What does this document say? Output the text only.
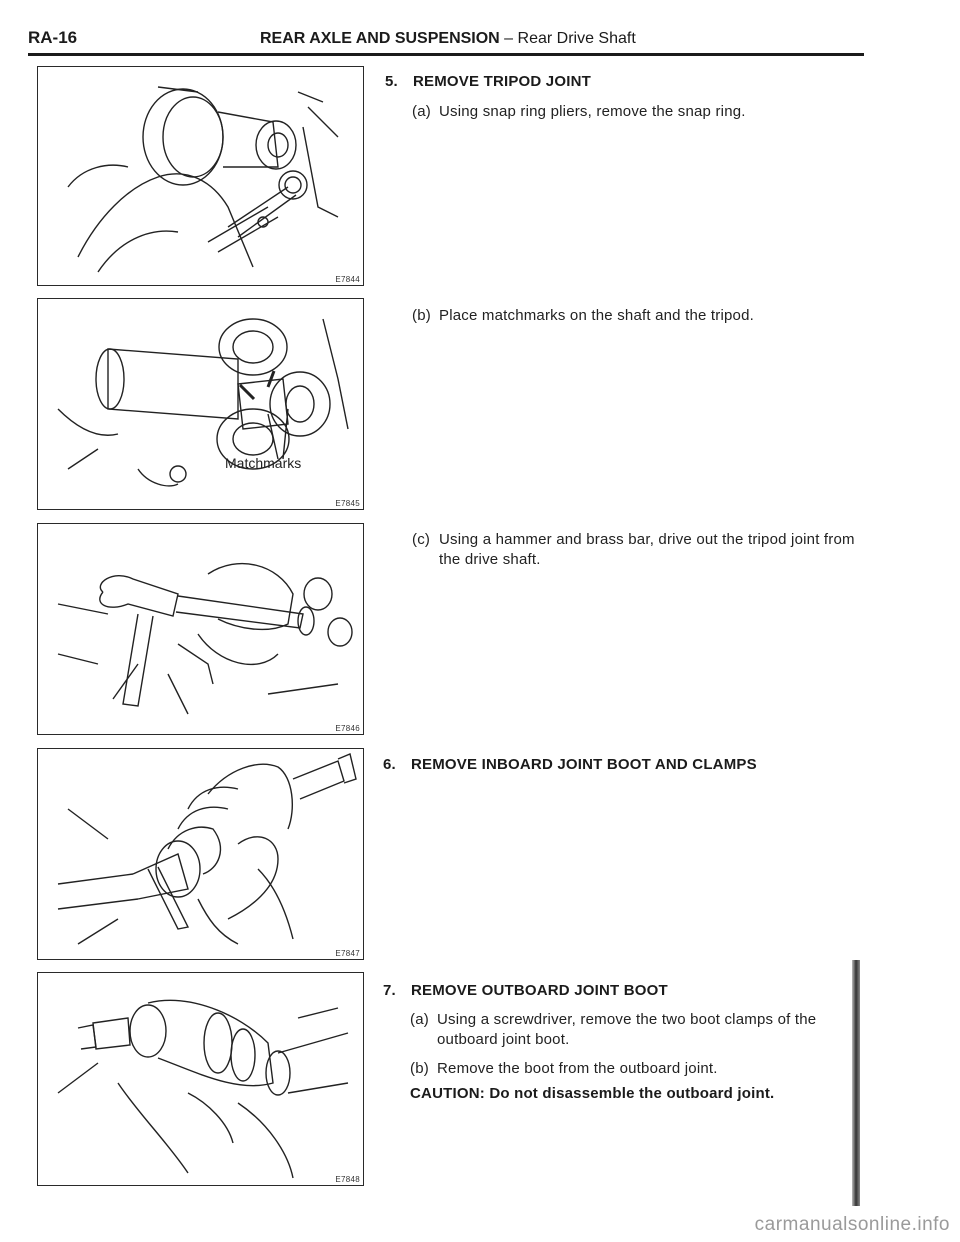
RA-16	REAR AXLE AND SUSPENSION – Rear Drive Shaft
E7844
Matchmarks
E7845
E7846
E7847
E7848
5. REMOVE TRIPOD JOINT
(a) Using snap ring pliers, remove the snap ring.
(b) Place matchmarks on the shaft and the tripod.
(c) Using a hammer and brass bar, drive out the tripod joint from the drive shaft.
6. REMOVE INBOARD JOINT BOOT AND CLAMPS
7. REMOVE OUTBOARD JOINT BOOT
(a) Using a screwdriver, remove the two boot clamps of the outboard joint boot.
(b) Remove the boot from the outboard joint.
CAUTION: Do not disassemble the outboard joint.
carmanualsonline.info
